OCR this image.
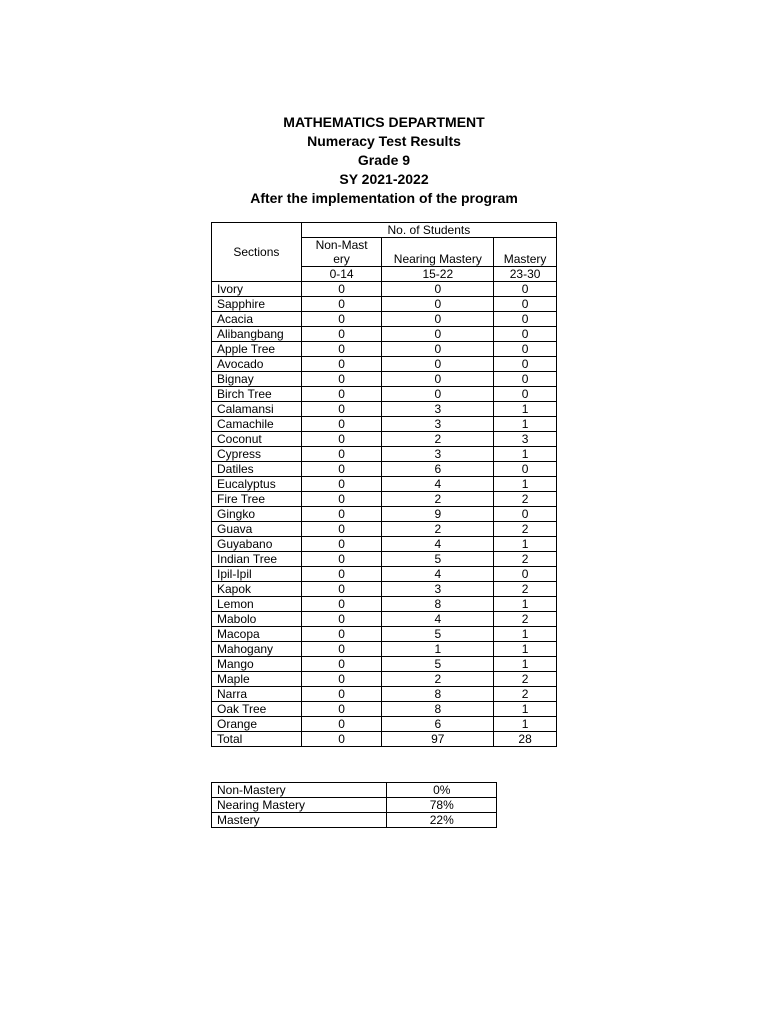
MATHEMATICS DEPARTMENT
Numeracy Test Results
Grade 9
SY 2021-2022
After the implementation of the program
Sections	No. of Students		
	Non-Mastery	Nearing Mastery	Mastery
	0-14	15-22	23-30
Ivory	0	0	0
Sapphire	0	0	0
Acacia	0	0	0
Alibangbang	0	0	0
Apple Tree	0	0	0
Avocado	0	0	0
Bignay	0	0	0
Birch Tree	0	0	0
Calamansi	0	3	1
Camachile	0	3	1
Coconut	0	2	3
Cypress	0	3	1
Datiles	0	6	0
Eucalyptus	0	4	1
Fire Tree	0	2	2
Gingko	0	9	0
Guava	0	2	2
Guyabano	0	4	1
Indian Tree	0	5	2
Ipil-Ipil	0	4	0
Kapok	0	3	2
Lemon	0	8	1
Mabolo	0	4	2
Macopa	0	5	1
Mahogany	0	1	1
Mango	0	5	1
Maple	0	2	2
Narra	0	8	2
Oak Tree	0	8	1
Orange	0	6	1
Total	0	97	28
Non-Mastery	0%
Nearing Mastery	78%
Mastery	22%
